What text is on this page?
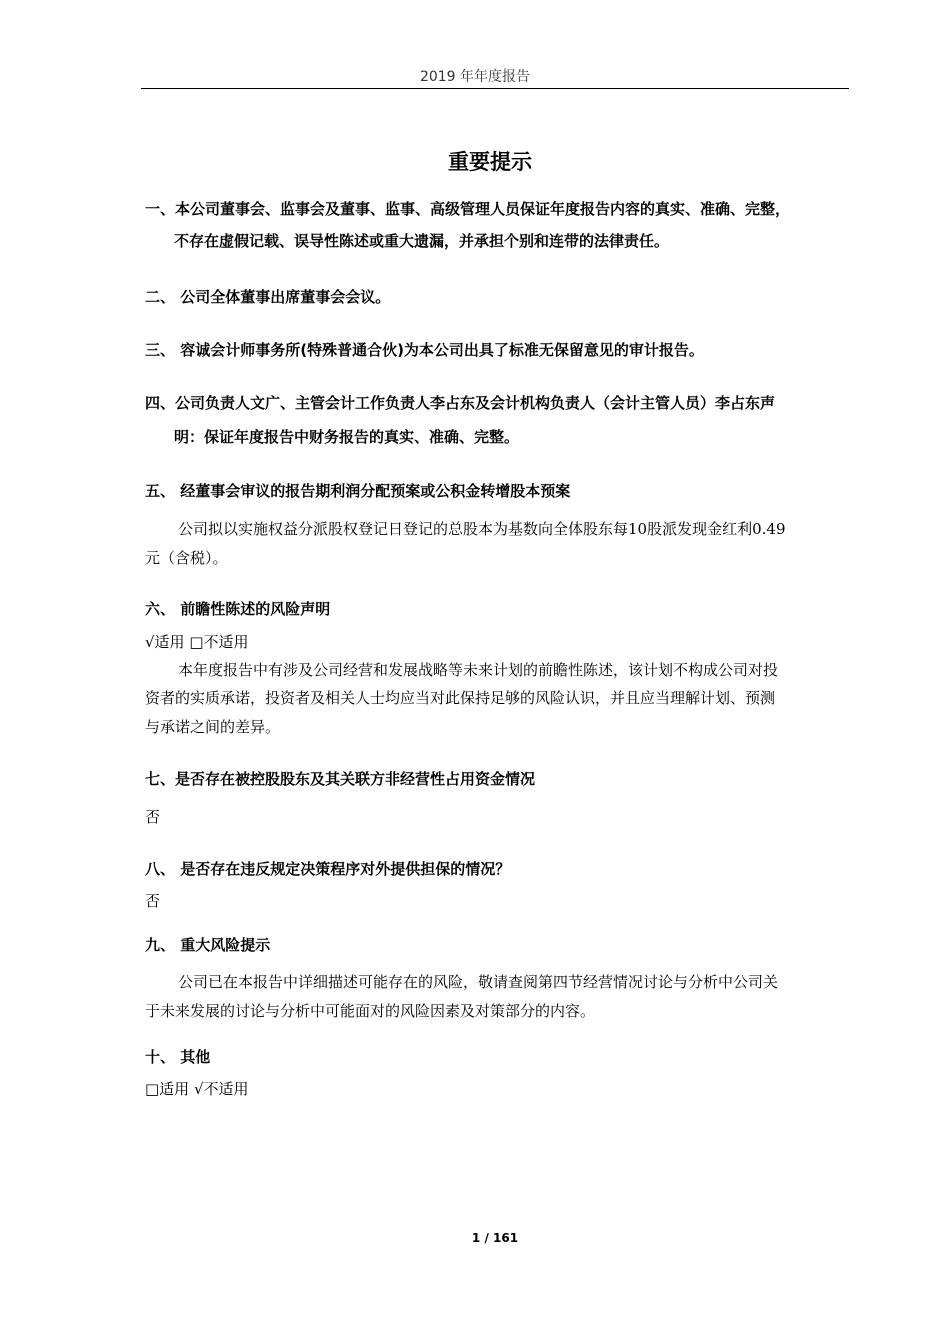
2019 年年度报告
重要提示
一、本公司董事会、监事会及董事、监事、高级管理人员保证年度报告内容的真实、准确、完整，
不存在虚假记载、误导性陈述或重大遗漏，并承担个别和连带的法律责任。
二、 公司全体董事出席董事会会议。
三、 容诚会计师事务所(特殊普通合伙)为本公司出具了标准无保留意见的审计报告。
四、公司负责人文广、主管会计工作负责人李占东及会计机构负责人（会计主管人员）李占东声
明：保证年度报告中财务报告的真实、准确、完整。
五、 经董事会审议的报告期利润分配预案或公积金转增股本预案
公司拟以实施权益分派股权登记日登记的总股本为基数向全体股东每10股派发现金红利0.49
元（含税）。
六、 前瞻性陈述的风险声明
√适用 □不适用
本年度报告中有涉及公司经营和发展战略等未来计划的前瞻性陈述，该计划不构成公司对投
资者的实质承诺，投资者及相关人士均应当对此保持足够的风险认识，并且应当理解计划、预测
与承诺之间的差异。
七、是否存在被控股股东及其关联方非经营性占用资金情况
否
八、 是否存在违反规定决策程序对外提供担保的情况？
否
九、 重大风险提示
公司已在本报告中详细描述可能存在的风险，敬请查阅第四节经营情况讨论与分析中公司关
于未来发展的讨论与分析中可能面对的风险因素及对策部分的内容。
十、 其他
□适用 √不适用
1 / 161
